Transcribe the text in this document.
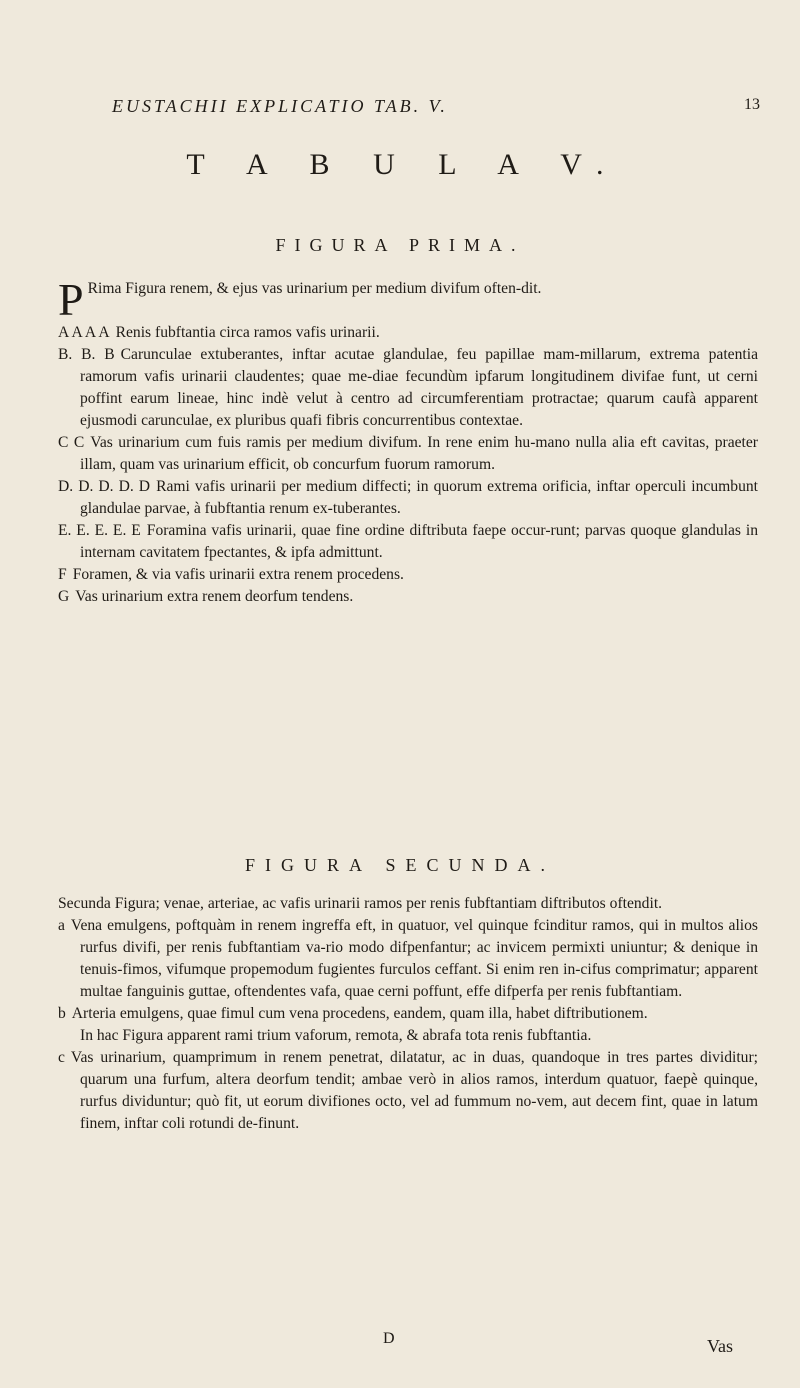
EUSTACHII EXPLICATIO TAB. V.	13
T A B U L A V.
FIGURA PRIMA.

P Rima Figura renem, & ejus vas urinarium per medium divifum often-dit.

A A A A Renis fubftantia circa ramos vafis urinarii.

B. B. B Carunculae extuberantes, inftar acutae glandulae, feu papillae mam-millarum, extrema patentia ramorum vafis urinarii claudentes; quae me-diae fecundùm ipfarum longitudinem divifae funt, ut cerni poffint earum lineae, hinc indè velut à centro ad circumferentiam protractae; quarum caufà apparent ejusmodi carunculae, ex pluribus quafi fibris concurrentibus contextae.

C C Vas urinarium cum fuis ramis per medium divifum. In rene enim hu-mano nulla alia eft cavitas, praeter illam, quam vas urinarium efficit, ob concurfum fuorum ramorum.

D. D. D. D. D Rami vafis urinarii per medium diffecti; in quorum extrema orificia, inftar operculi incumbunt glandulae parvae, à fubftantia renum ex-tuberantes.

E. E. E. E. E Foramina vafis urinarii, quae fine ordine diftributa faepe occur-runt; parvas quoque glandulas in internam cavitatem fpectantes, & ipfa admittunt.

F Foramen, & via vafis urinarii extra renem procedens.

G Vas urinarium extra renem deorfum tendens.

FIGURA SECUNDA.

Secunda Figura; venae, arteriae, ac vafis urinarii ramos per renis fubftantiam diftributos oftendit.

a Vena emulgens, poftquàm in renem ingreffa eft, in quatuor, vel quinque fcinditur ramos, qui in multos alios rurfus divifi, per renis fubftantiam va-rio modo difpenfantur; ac invicem permixti uniuntur; & denique in tenuis-fimos, vifumque propemodum fugientes furculos ceffant. Si enim ren in-cifus comprimatur; apparent multae fanguinis guttae, oftendentes vafa, quae cerni poffunt, effe difperfa per renis fubftantiam.

b Arteria emulgens, quae fimul cum vena procedens, eandem, quam illa, habet diftributionem.

In hac Figura apparent rami trium vaforum, remota, & abrafa tota renis fubftantia.

c Vas urinarium, quamprimum in renem penetrat, dilatatur, ac in duas, quandoque in tres partes dividitur; quarum una furfum, altera deorfum tendit; ambae verò in alios ramos, interdum quatuor, faepè quinque, rurfus dividuntur; quò fit, ut eorum divifiones octo, vel ad fummum no-vem, aut decem fint, quae in latum finem, inftar coli rotundi de-finunt.

D	Vas
